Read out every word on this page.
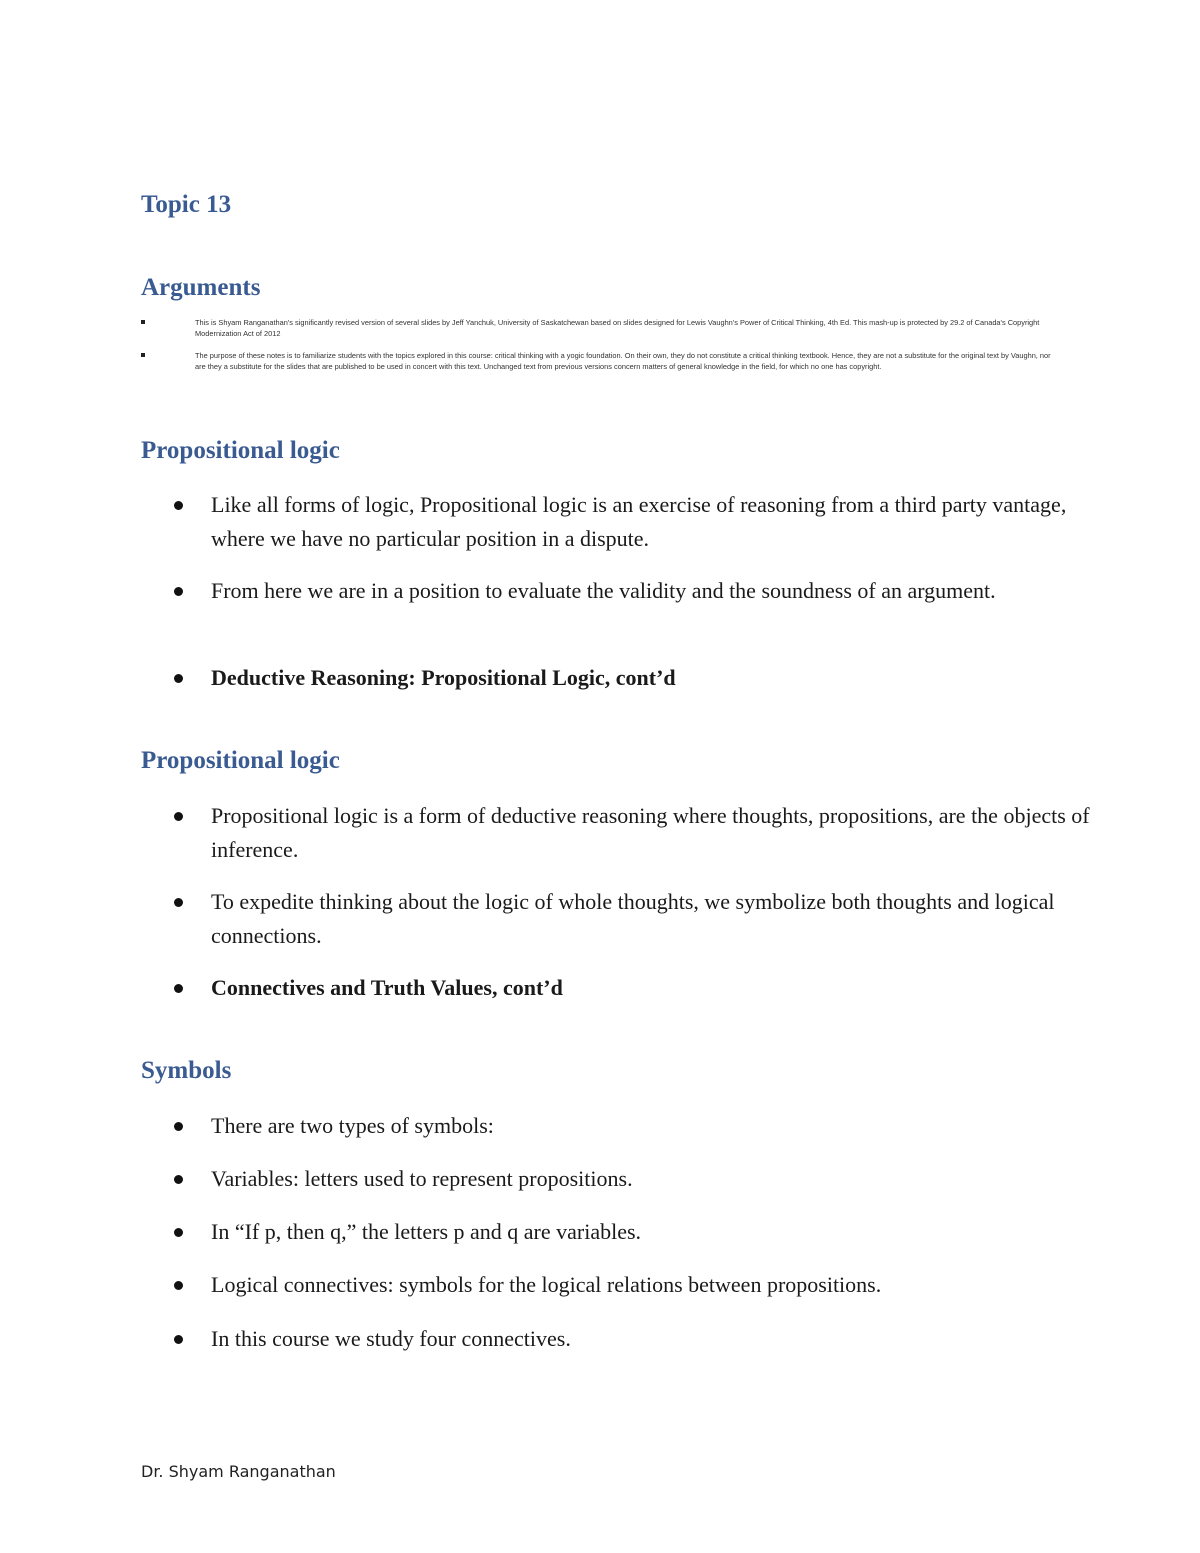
Topic 13
Arguments
This is Shyam Ranganathan's significantly revised version of several slides by Jeff Yanchuk, University of Saskatchewan based on slides designed for Lewis Vaughn's Power of Critical Thinking, 4th Ed. This mash-up is protected by 29.2 of Canada's Copyright Modernization Act of 2012
The purpose of these notes is to familiarize students with the topics explored in this course: critical thinking with a yogic foundation. On their own, they do not constitute a critical thinking textbook. Hence, they are not a substitute for the original text by Vaughn, nor are they a substitute for the slides that are published to be used in concert with this text. Unchanged text from previous versions concern matters of general knowledge in the field, for which no one has copyright.
Propositional logic
Like all forms of logic, Propositional logic is an exercise of reasoning from a third party vantage, where we have no particular position in a dispute.
From here we are in a position to evaluate the validity and the soundness of an argument.
Deductive Reasoning: Propositional Logic, cont’d
Propositional logic
Propositional logic is a form of deductive reasoning where thoughts, propositions, are the objects of inference.
To expedite thinking about the logic of whole thoughts, we symbolize both thoughts and logical connections.
Connectives and Truth Values, cont’d
Symbols
There are two types of symbols:
Variables: letters used to represent propositions.
In “If p, then q,” the letters p and q are variables.
Logical connectives: symbols for the logical relations between propositions.
In this course we study four connectives.
Dr. Shyam Ranganathan
